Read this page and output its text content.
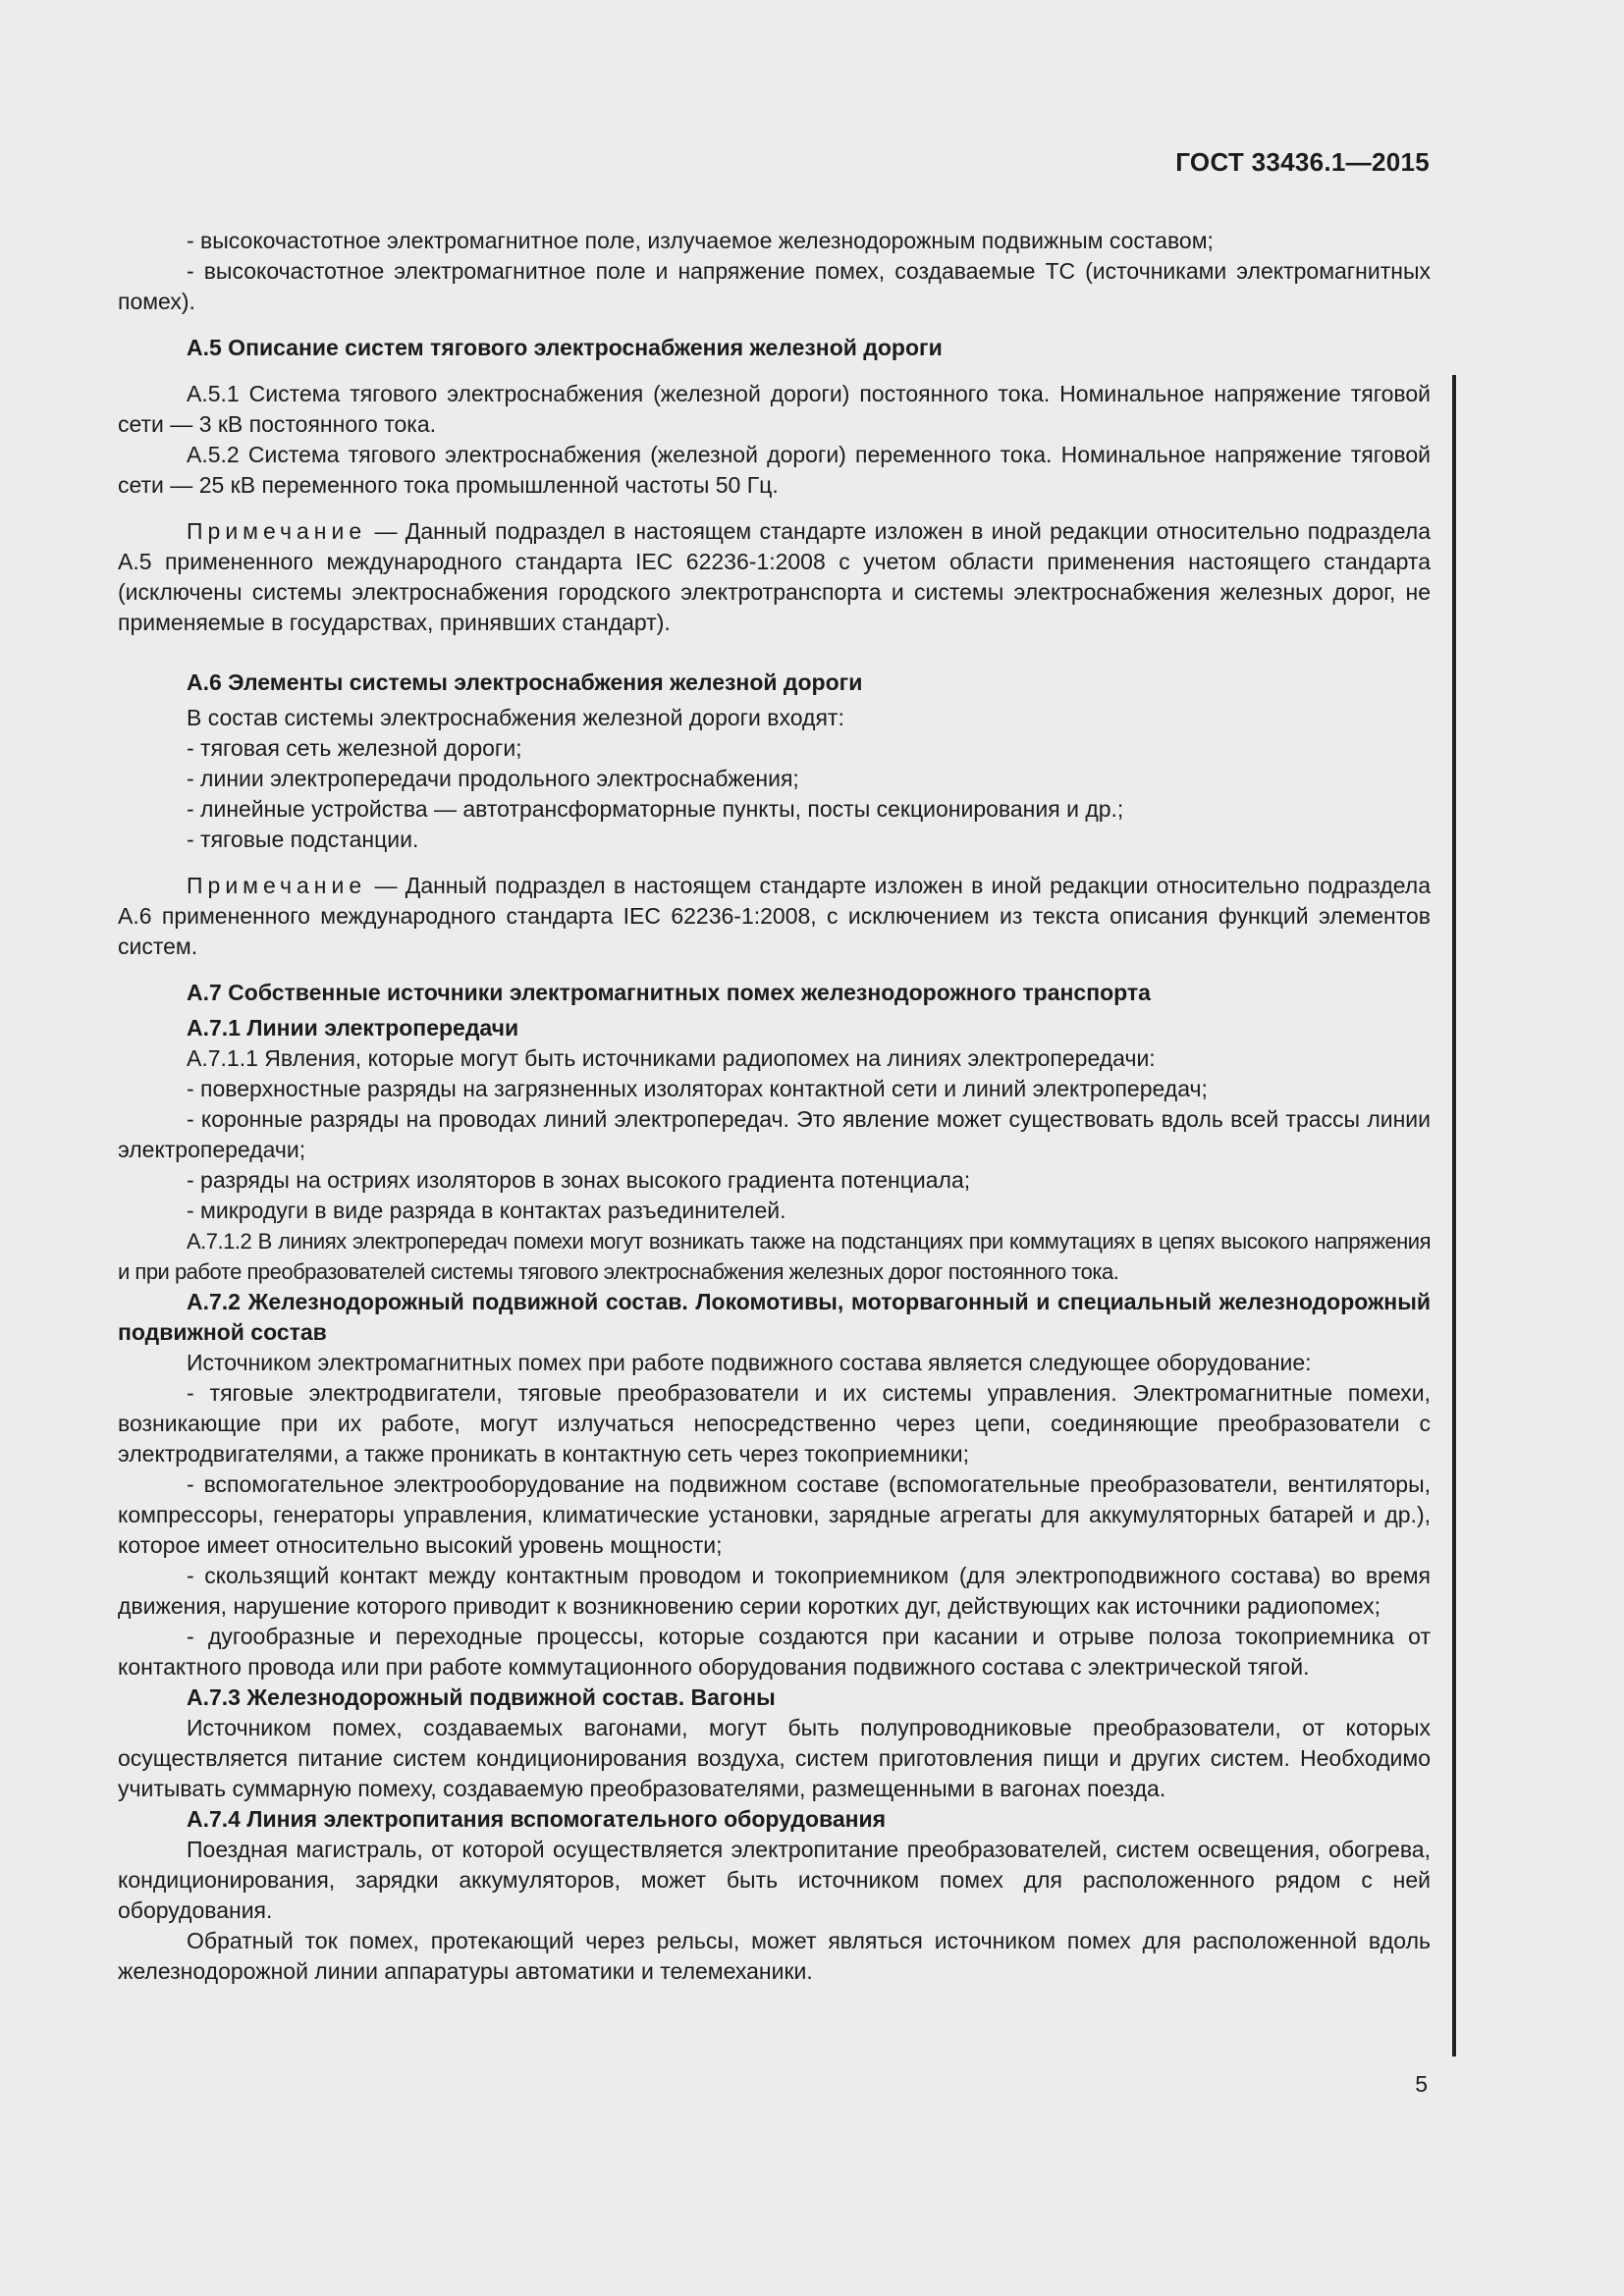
ГОСТ 33436.1—2015

- высокочастотное электромагнитное поле, излучаемое железнодорожным подвижным составом;

- высокочастотное электромагнитное поле и напряжение помех, создаваемые ТС (источниками электромагнитных помех).

А.5 Описание систем тягового электроснабжения железной дороги

А.5.1 Система тягового электроснабжения (железной дороги) постоянного тока. Номинальное напряжение тяговой сети — 3 кВ постоянного тока.

А.5.2 Система тягового электроснабжения (железной дороги) переменного тока. Номинальное напряжение тяговой сети — 25 кВ переменного тока промышленной частоты 50 Гц.

Примечание — Данный подраздел в настоящем стандарте изложен в иной редакции относительно подраздела А.5 примененного международного стандарта IEC 62236-1:2008 с учетом области применения настоящего стандарта (исключены системы электроснабжения городского электротранспорта и системы электроснабжения железных дорог, не применяемые в государствах, принявших стандарт).

А.6 Элементы системы электроснабжения железной дороги

В состав системы электроснабжения железной дороги входят:

- тяговая сеть железной дороги;

- линии электропередачи продольного электроснабжения;

- линейные устройства — автотрансформаторные пункты, посты секционирования и др.;

- тяговые подстанции.

Примечание — Данный подраздел в настоящем стандарте изложен в иной редакции относительно подраздела А.6 примененного международного стандарта IEC 62236-1:2008, с исключением из текста описания функций элементов систем.

А.7 Собственные источники электромагнитных помех железнодорожного транспорта
А.7.1 Линии электропередачи

А.7.1.1 Явления, которые могут быть источниками радиопомех на линиях электропередачи:

- поверхностные разряды на загрязненных изоляторах контактной сети и линий электропередач;

- коронные разряды на проводах линий электропередач. Это явление может существовать вдоль всей трассы линии электропередачи;

- разряды на остриях изоляторов в зонах высокого градиента потенциала;

- микродуги в виде разряда в контактах разъединителей.

А.7.1.2 В линиях электропередач помехи могут возникать также на подстанциях при коммутациях в цепях высокого напряжения и при работе преобразователей системы тягового электроснабжения железных дорог постоянного тока.

А.7.2 Железнодорожный подвижной состав. Локомотивы, моторвагонный и специальный железнодорожный подвижной состав

Источником электромагнитных помех при работе подвижного состава является следующее оборудование:

- тяговые электродвигатели, тяговые преобразователи и их системы управления. Электромагнитные помехи, возникающие при их работе, могут излучаться непосредственно через цепи, соединяющие преобразователи с электродвигателями, а также проникать в контактную сеть через токоприемники;

- вспомогательное электрооборудование на подвижном составе (вспомогательные преобразователи, вентиляторы, компрессоры, генераторы управления, климатические установки, зарядные агрегаты для аккумуляторных батарей и др.), которое имеет относительно высокий уровень мощности;

- скользящий контакт между контактным проводом и токоприемником (для электроподвижного состава) во время движения, нарушение которого приводит к возникновению серии коротких дуг, действующих как источники радиопомех;

- дугообразные и переходные процессы, которые создаются при касании и отрыве полоза токоприемника от контактного провода или при работе коммутационного оборудования подвижного состава с электрической тягой.

А.7.3 Железнодорожный подвижной состав. Вагоны

Источником помех, создаваемых вагонами, могут быть полупроводниковые преобразователи, от которых осуществляется питание систем кондиционирования воздуха, систем приготовления пищи и других систем. Необходимо учитывать суммарную помеху, создаваемую преобразователями, размещенными в вагонах поезда.

А.7.4 Линия электропитания вспомогательного оборудования

Поездная магистраль, от которой осуществляется электропитание преобразователей, систем освещения, обогрева, кондиционирования, зарядки аккумуляторов, может быть источником помех для расположенного рядом с ней оборудования.

Обратный ток помех, протекающий через рельсы, может являться источником помех для расположенной вдоль железнодорожной линии аппаратуры автоматики и телемеханики.

5
